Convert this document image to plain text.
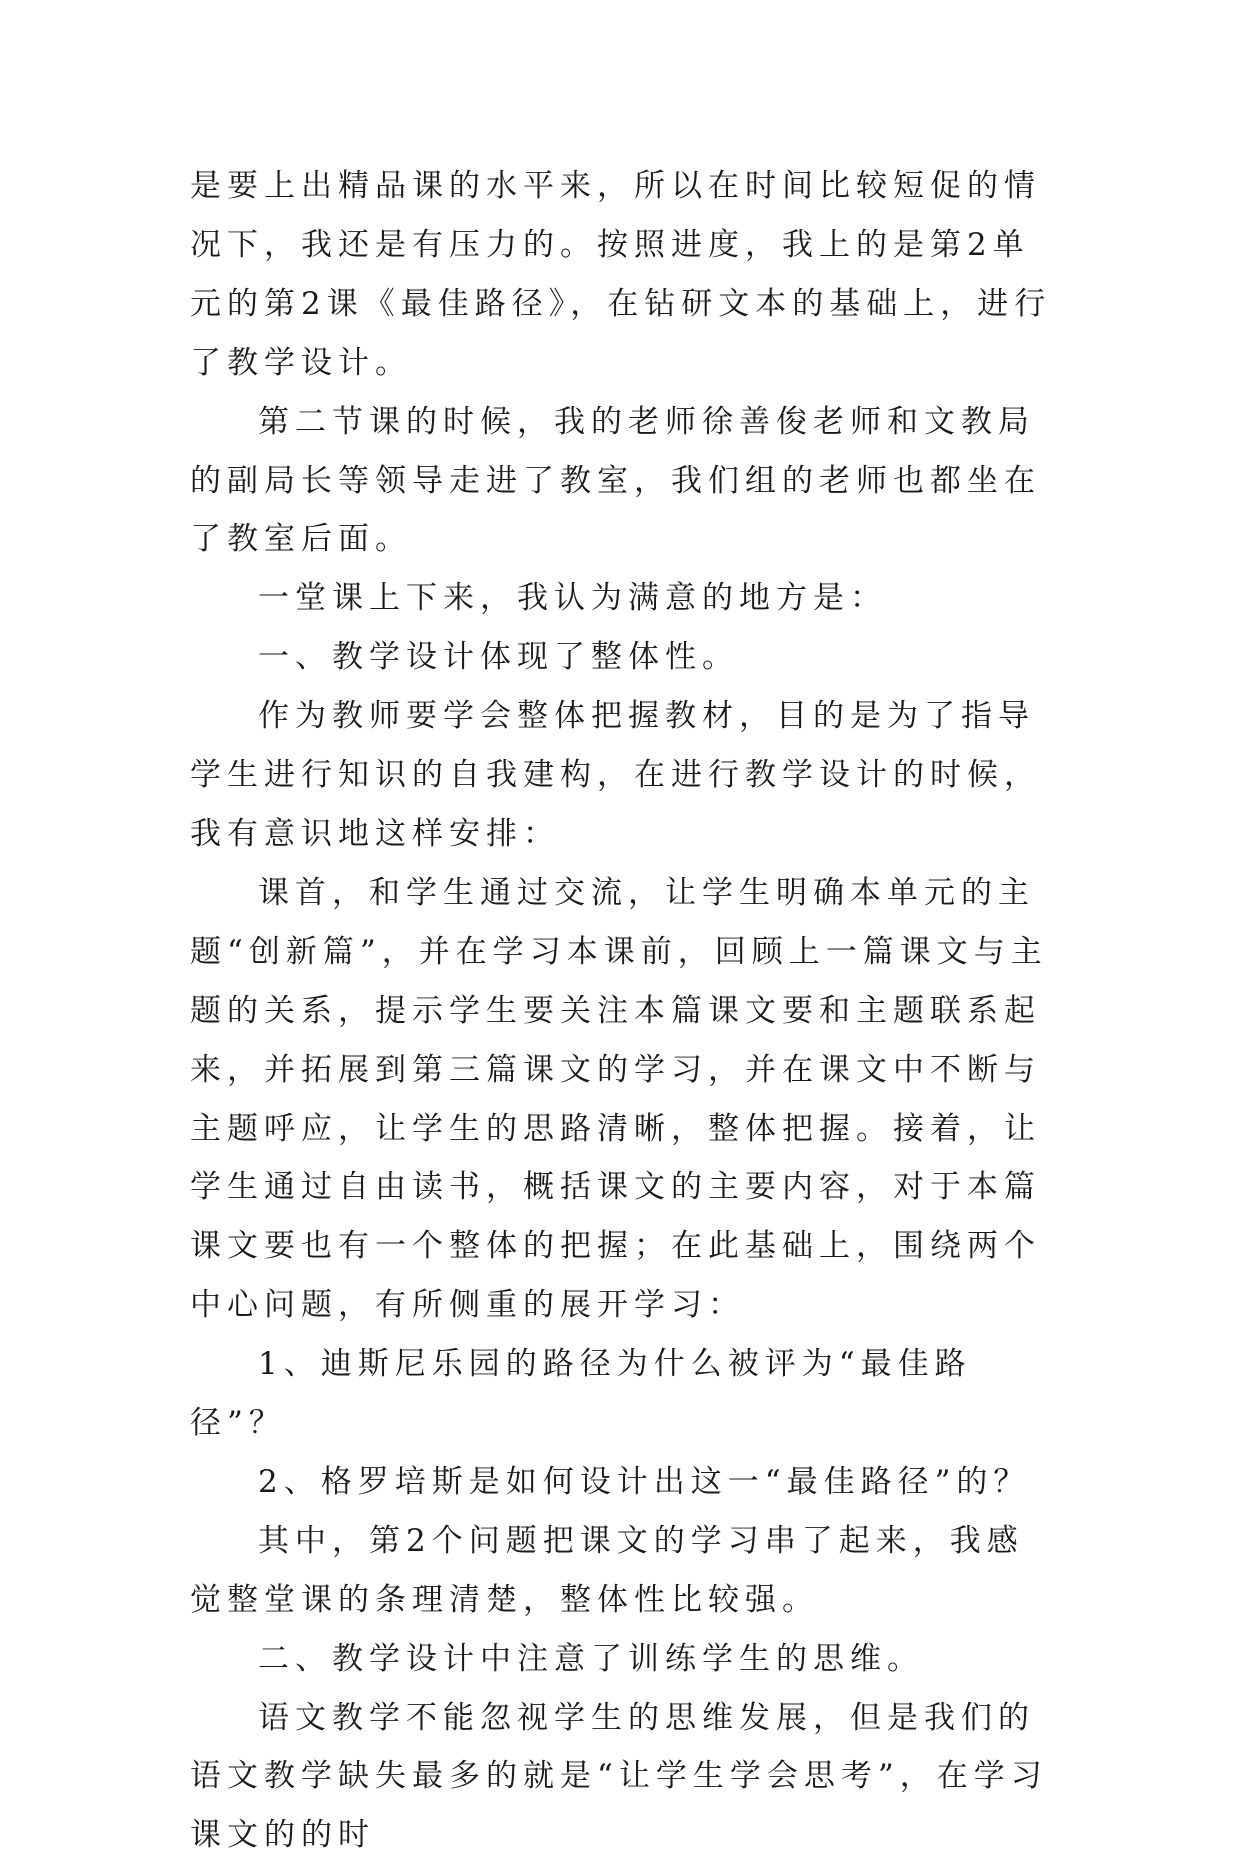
是要上出精品课的水平来，所以在时间比较短促的情况下，我还是有压力的。按照进度，我上的是第2单元的第2课《最佳路径》，在钻研文本的基础上，进行了教学设计。

第二节课的时候，我的老师徐善俊老师和文教局的副局长等领导走进了教室，我们组的老师也都坐在了教室后面。

一堂课上下来，我认为满意的地方是：

一、教学设计体现了整体性。

作为教师要学会整体把握教材，目的是为了指导学生进行知识的自我建构，在进行教学设计的时候，我有意识地这样安排：

课首，和学生通过交流，让学生明确本单元的主题“创新篇”，并在学习本课前，回顾上一篇课文与主题的关系，提示学生要关注本篇课文要和主题联系起来，并拓展到第三篇课文的学习，并在课文中不断与主题呼应，让学生的思路清晰，整体把握。接着，让学生通过自由读书，概括课文的主要内容，对于本篇课文要也有一个整体的把握；在此基础上，围绕两个中心问题，有所侧重的展开学习：

1、迪斯尼乐园的路径为什么被评为“最佳路径”？

2、格罗培斯是如何设计出这一“最佳路径”的？

其中，第2个问题把课文的学习串了起来，我感觉整堂课的条理清楚，整体性比较强。

二、教学设计中注意了训练学生的思维。

语文教学不能忽视学生的思维发展，但是我们的语文教学缺失最多的就是“让学生学会思考”，在学习课文的的时
